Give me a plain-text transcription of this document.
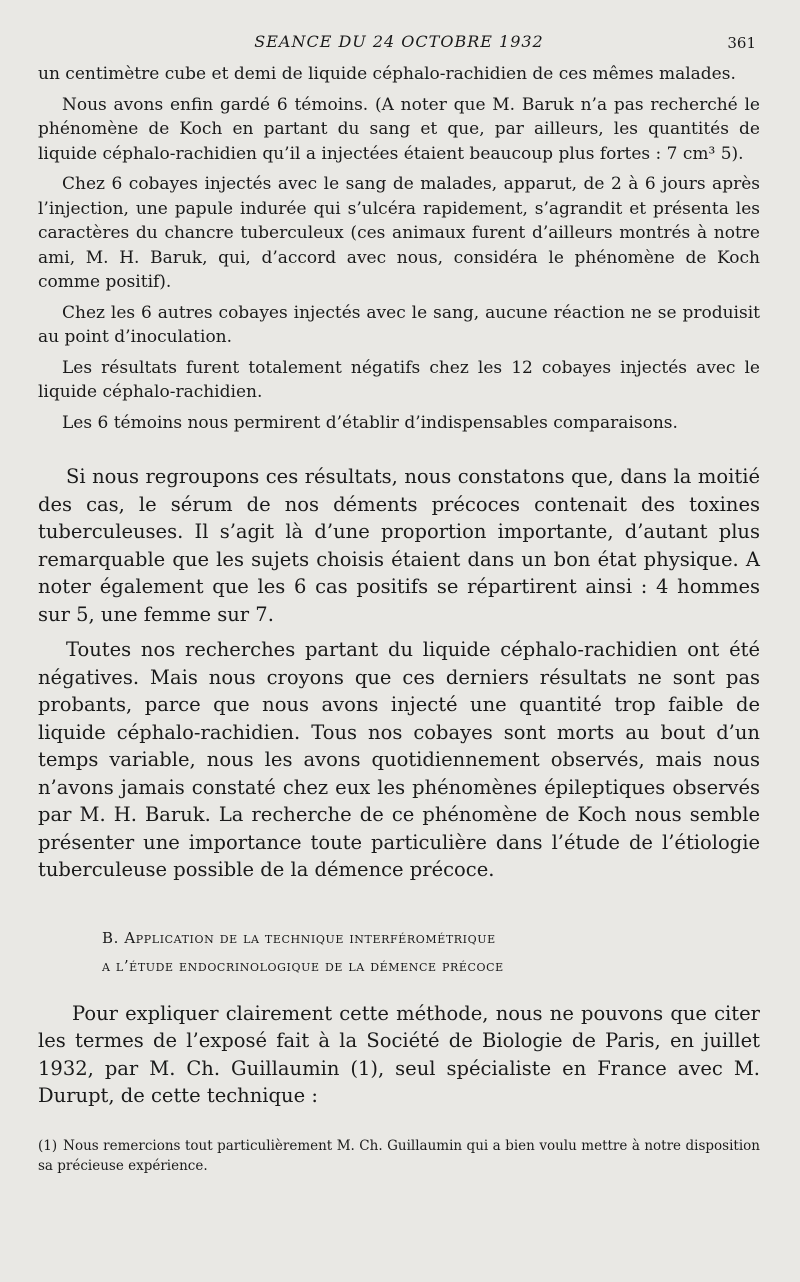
SEANCE DU 24 OCTOBRE 1932	361

un centimètre cube et demi de liquide céphalo-rachidien de ces mêmes malades.

Nous avons enfin gardé 6 témoins. (A noter que M. Baruk n’a pas recherché le phénomène de Koch en partant du sang et que, par ailleurs, les quantités de liquide céphalo-rachidien qu’il a injectées étaient beaucoup plus fortes : 7 cm³ 5).

Chez 6 cobayes injectés avec le sang de malades, apparut, de 2 à 6 jours après l’injection, une papule indurée qui s’ulcéra rapidement, s’agrandit et présenta les caractères du chancre tuberculeux (ces animaux furent d’ailleurs montrés à notre ami, M. H. Baruk, qui, d’accord avec nous, considéra le phénomène de Koch comme positif).

Chez les 6 autres cobayes injectés avec le sang, aucune réaction ne se produisit au point d’inoculation.

Les résultats furent totalement négatifs chez les 12 cobayes injectés avec le liquide céphalo-rachidien.

Les 6 témoins nous permirent d’établir d’indispensables comparaisons.

Si nous regroupons ces résultats, nous constatons que, dans la moitié des cas, le sérum de nos déments précoces contenait des toxines tuberculeuses. Il s’agit là d’une proportion importante, d’autant plus remarquable que les sujets choisis étaient dans un bon état physique. A noter également que les 6 cas positifs se répartirent ainsi : 4 hommes sur 5, une femme sur 7.

Toutes nos recherches partant du liquide céphalo-rachidien ont été négatives. Mais nous croyons que ces derniers résultats ne sont pas probants, parce que nous avons injecté une quantité trop faible de liquide céphalo-rachidien. Tous nos cobayes sont morts au bout d’un temps variable, nous les avons quotidiennement observés, mais nous n’avons jamais constaté chez eux les phénomènes épileptiques observés par M. H. Baruk. La recherche de ce phénomène de Koch nous semble présenter une importance toute particulière dans l’étude de l’étiologie tuberculeuse possible de la démence précoce.

B. Application de la technique interférométrique
a l’étude endocrinologique de la démence précoce

Pour expliquer clairement cette méthode, nous ne pouvons que citer les termes de l’exposé fait à la Société de Biologie de Paris, en juillet 1932, par M. Ch. Guillaumin (1), seul spécialiste en France avec M. Durupt, de cette technique :

(1) Nous remercions tout particulièrement M. Ch. Guillaumin qui a bien voulu mettre à notre disposition sa précieuse expérience.
